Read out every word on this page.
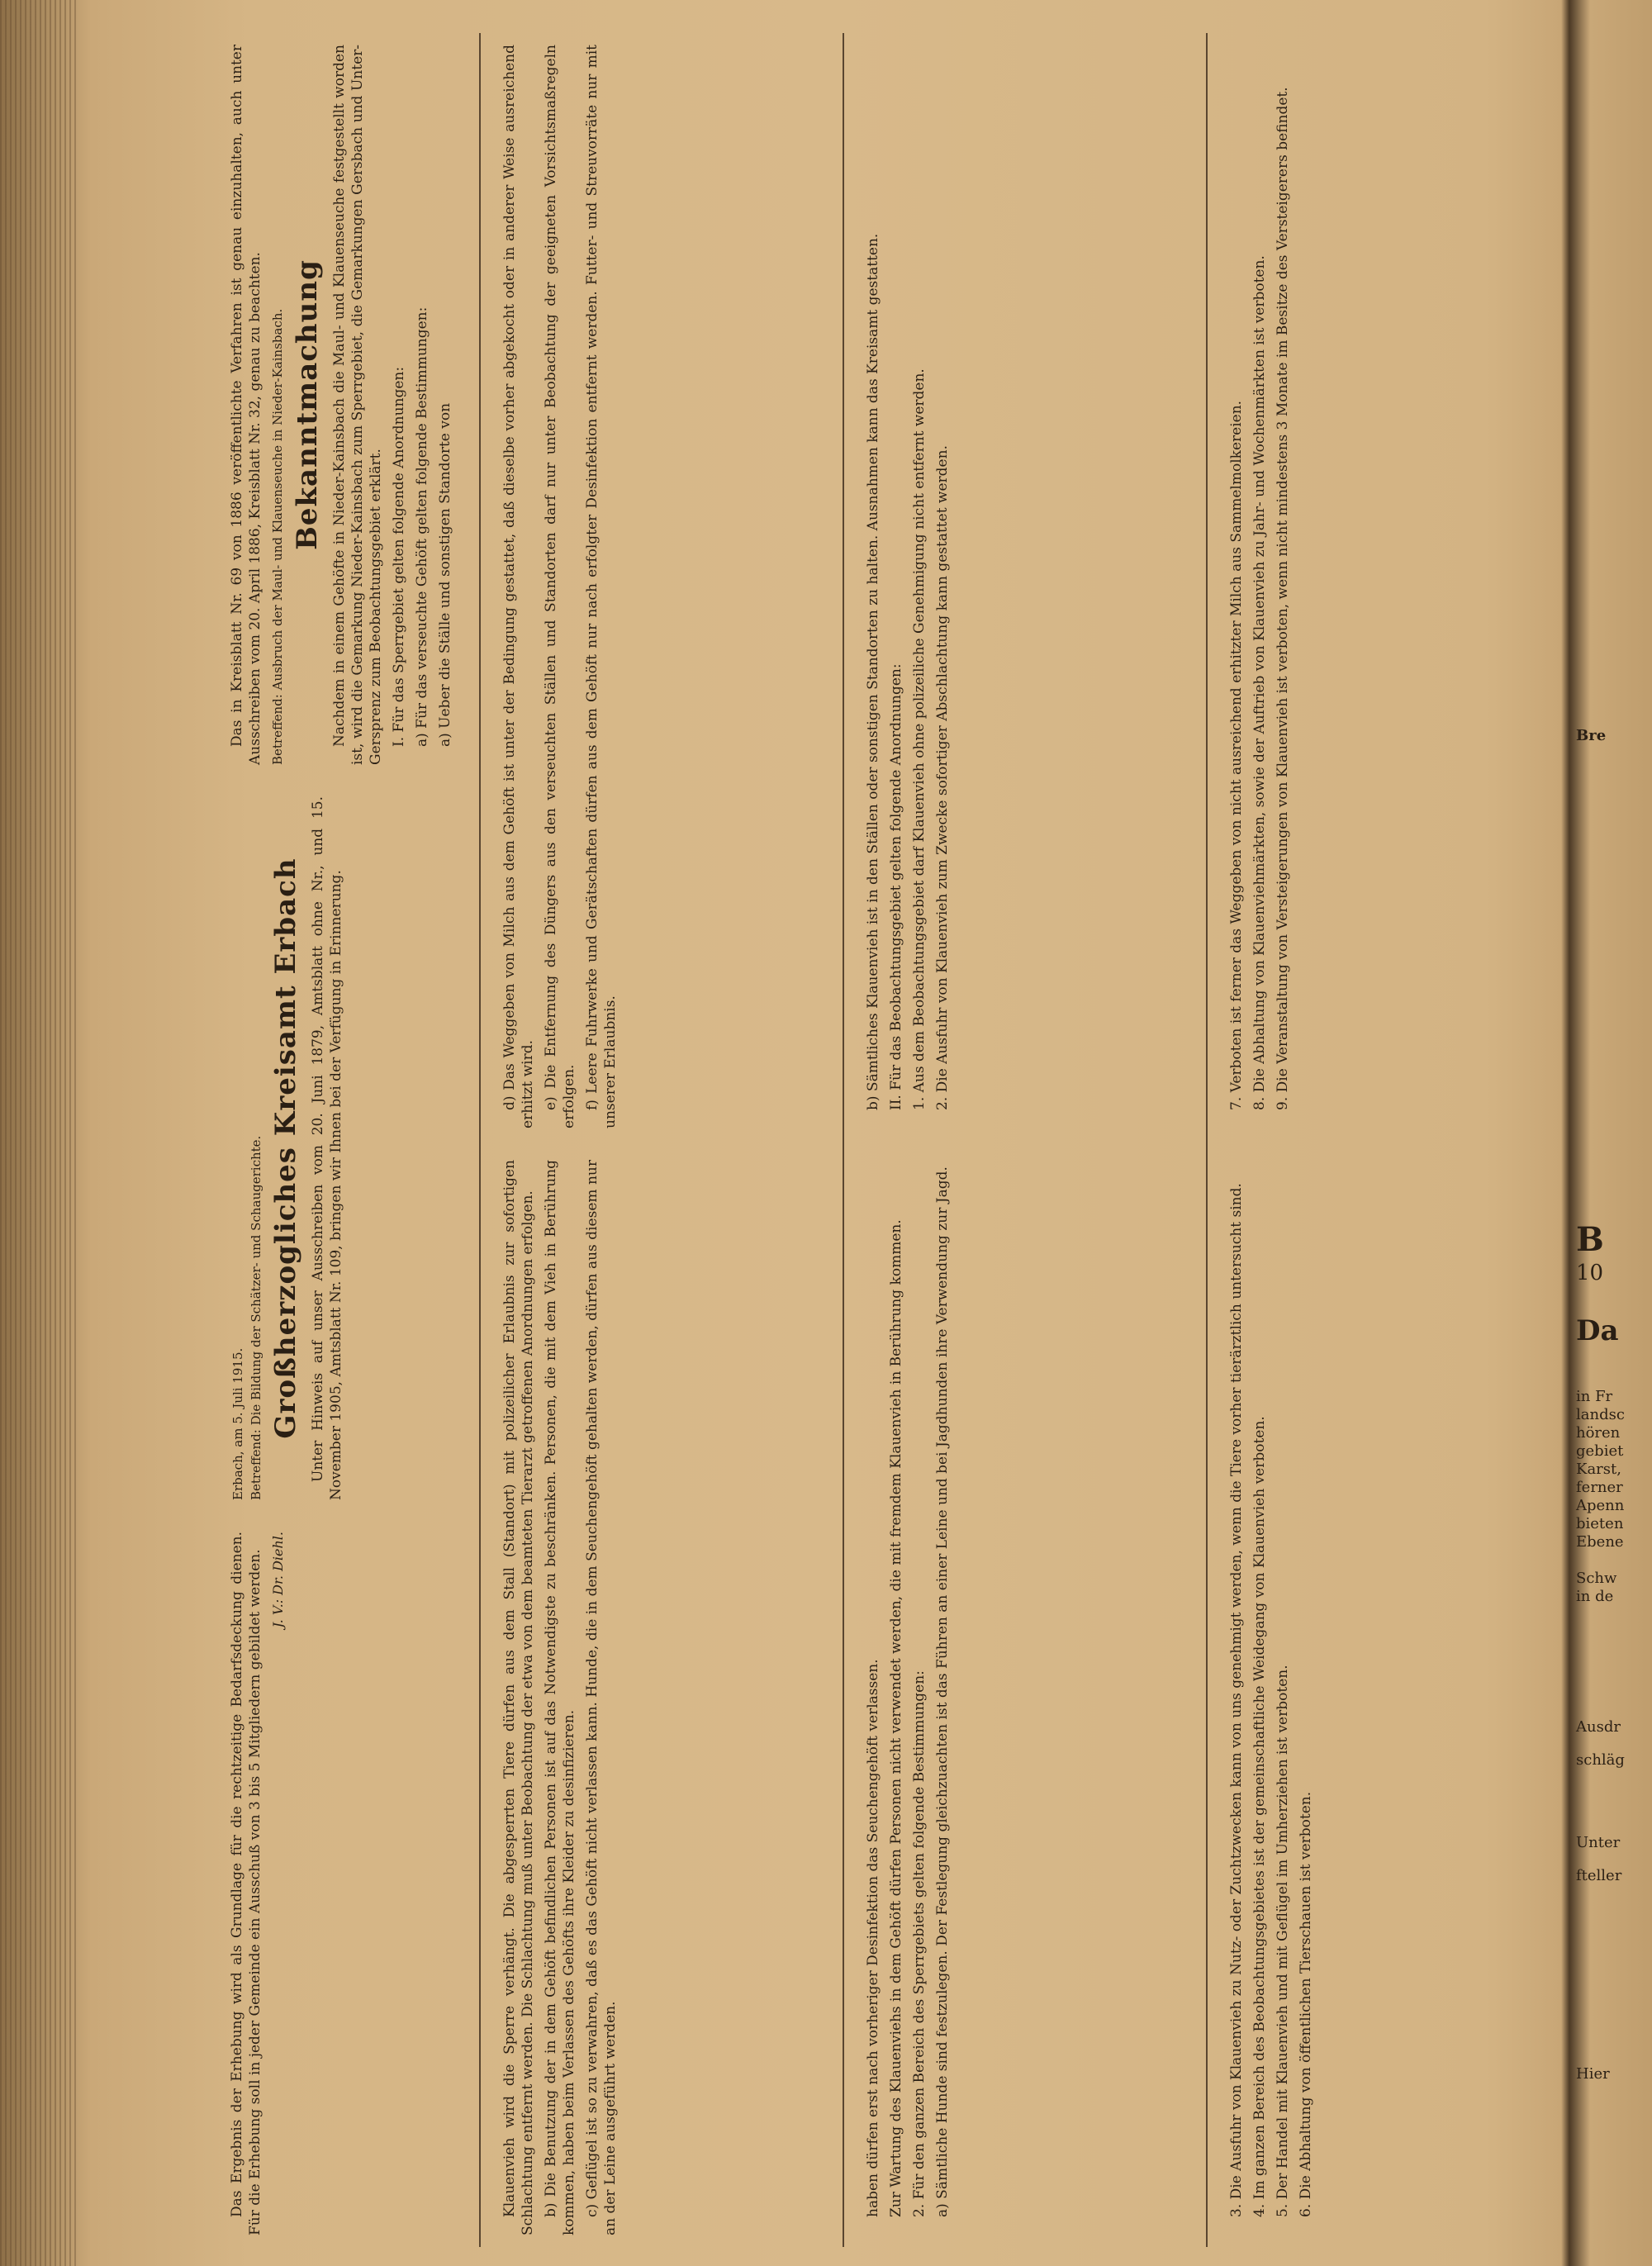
Das Ergebnis der Erhebung wird als Grundlage für die rechtzeitige Bedarfsdeckung dienen. Für die Erhebung soll in jeder Gemeinde ein Ausschuß von 3 bis 5 Mitgliedern gebildet werden. J. V.: Dr. Diehl.
Erbach, am 5. Juli 1915. Betreffend: Die Bildung der Schätzer- und Schaugerichte. Großherzogliches Kreisamt Erbach Unter Hinweis auf unser Ausschreiben vom 20. Juni 1879, Amtsblatt ohne Nr., und 15. November 1905, Amtsblatt Nr. 109, bringen wir Ihnen bei der Verfügung in Erinnerung.

Das in Kreisblatt Nr. 69 von 1886 veröffentlichte Verfahren ist genau einzuhalten, auch unter Ausschreiben vom 20. April 1886, Kreisblatt Nr. 32, genau zu beachten. Betreffend: Ausbruch der Maul- und Klauenseuche in Nieder-Kainsbach. Bekanntmachung Nachdem in einem Gehöfte in Nieder-Kainsbach die Maul- und Klauenseuche festgestellt worden ist, wird die Gemarkung Nieder-Kainsbach zum Sperrgebiet, die Gemarkungen Gersbach und Unter-Gersprenz zum Beobachtungsgebiet erklärt. I. Für das Sperrgebiet gelten folgende Anordnungen: a) Für das verseuchte Gehöft gelten folgende Bestimmungen: a) Ueber die Ställe und sonstigen Standorte von

Klauenvieh wird die Sperre verhängt. Die abgesperrten Tiere dürfen aus dem Stall (Standort) mit polizeilicher Erlaubnis zur sofortigen Schlachtung entfernt werden. Die Schlachtung muß unter Beobachtung der etwa von dem beamteten Tierarzt getroffenen Anordnungen erfolgen. b) Die Benutzung der in dem Gehöft befindlichen Personen ist auf das Notwendigste zu beschränken. Personen, die mit dem Vieh in Berührung kommen, haben beim Verlassen des Gehöfts ihre Kleider zu desinfizieren. c) Geflügel ist so zu verwahren, daß es das Gehöft nicht verlassen kann. Hunde, die in dem Seuchengehöft gehalten werden, dürfen aus diesem nur an der Leine ausgeführt werden.

d) Das Weggeben von Milch aus dem Gehöft ist unter der Bedingung gestattet, daß dieselbe vorher abgekocht oder in anderer Weise ausreichend erhitzt wird. e) Die Entfernung des Düngers aus den verseuchten Ställen und Standorten darf nur unter Beobachtung der geeigneten Vorsichtsmaßregeln erfolgen. f) Leere Fuhrwerke und Gerätschaften dürfen aus dem Gehöft nur nach erfolgter Desinfektion entfernt werden. Futter- und Streuvorräte nur mit unserer Erlaubnis.

haben dürfen erst nach vorheriger Desinfektion das Seuchengehöft verlassen. Zur Wartung des Klauenviehs in dem Gehöft dürfen Personen nicht verwendet werden, die mit fremdem Klauenvieh in Berührung kommen. 2. Für den ganzen Bereich des Sperrgebiets gelten folgende Bestimmungen: a) Sämtliche Hunde sind festzulegen. Der Festlegung gleichzuachten ist das Führen an einer Leine und bei Jagdhunden ihre Verwendung zur Jagd.

b) Sämtliches Klauenvieh ist in den Ställen oder sonstigen Standorten zu halten. Ausnahmen kann das Kreisamt gestatten. II. Für das Beobachtungsgebiet gelten folgende Anordnungen: 1. Aus dem Beobachtungsgebiet darf Klauenvieh ohne polizeiliche Genehmigung nicht entfernt werden. 2. Die Ausfuhr von Klauenvieh zum Zwecke sofortiger Abschlachtung kann gestattet werden.

3. Die Ausfuhr von Klauenvieh zu Nutz- oder Zuchtzwecken kann von uns genehmigt werden, wenn die Tiere vorher tierärztlich untersucht sind. 4. Im ganzen Bereich des Beobachtungsgebietes ist der gemeinschaftliche Weidegang von Klauenvieh verboten. 5. Der Handel mit Klauenvieh und mit Geflügel im Umherziehen ist verboten. 6. Die Abhaltung von öffentlichen Tierschauen ist verboten.

7. Verboten ist ferner das Weggeben von nicht ausreichend erhitzter Milch aus Sammelmolkereien. 8. Die Abhaltung von Klauenviehmärkten, sowie der Auftrieb von Klauenvieh zu Jahr- und Wochenmärkten ist verboten. 9. Die Veranstaltung von Versteigerungen von Klauenvieh ist verboten, wenn nicht mindestens 3 Monate im Besitze des Versteigerers befindet.	Bre
B
10
Da
in Fr
landsc
hören
gebiet
Karst,
ferner
Apenn
bieten
Ebene
Schw
in de
Ausdr
schläg
Unter
fteller
Hier
